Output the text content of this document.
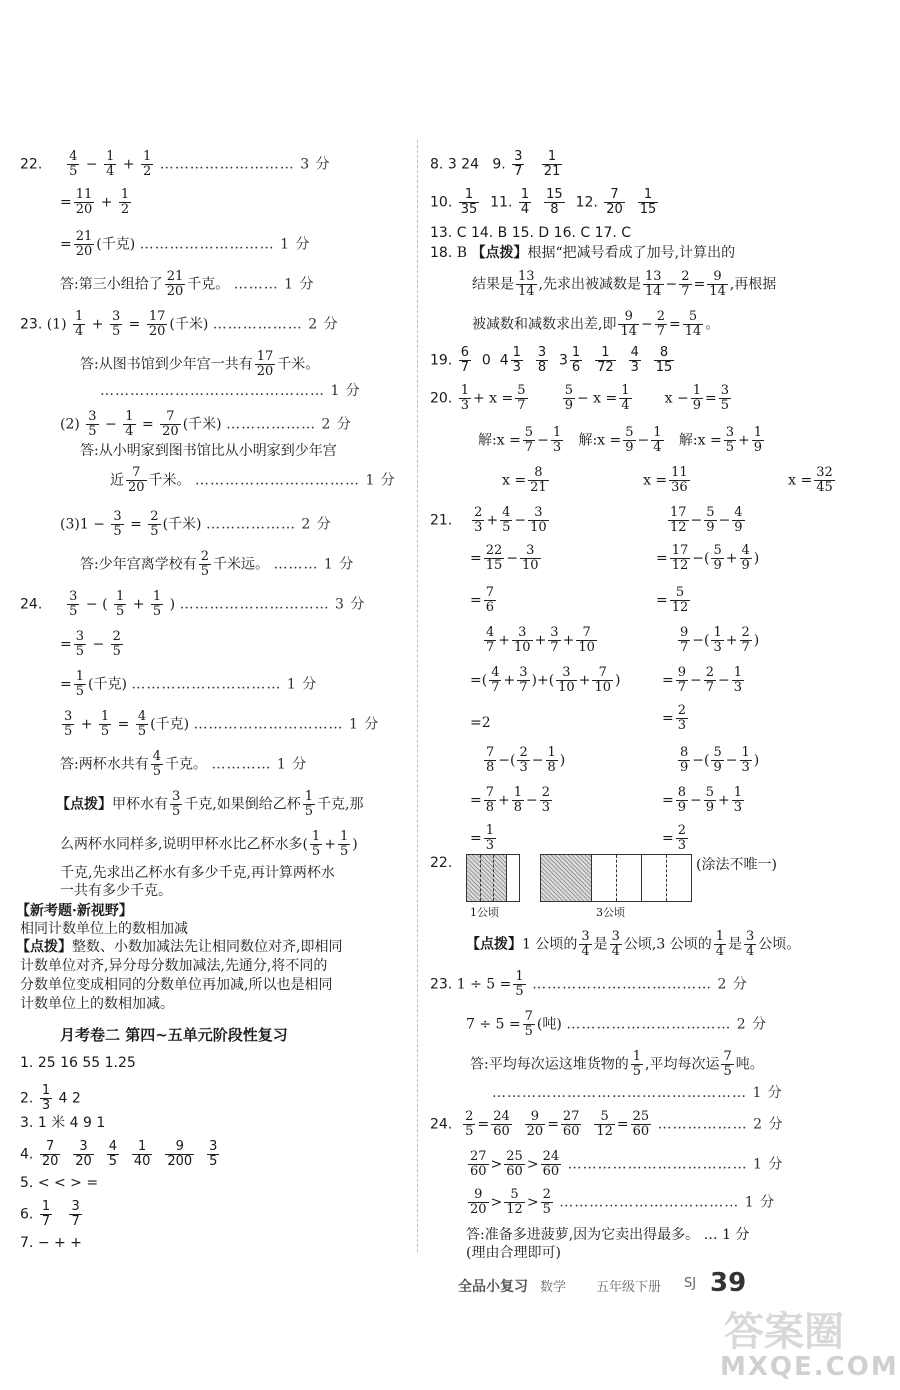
22. $\frac{4}{5} - \frac{1}{4} + \frac{1}{2}$ ……………………… 3 分
= $\frac{11}{20} + \frac{1}{2}$
= $\frac{21}{20}$ (千克) ……………………… 1 分
答:第三小组拾了 $\frac{21}{20}$ 千克。 ……… 1 分
23. $(1) \frac{1}{4} + \frac{3}{5} = \frac{17}{20}$ (千米) ……………… 2 分
答:从图书馆到少年宫一共有 $\frac{17}{20}$ 千米。
……………………………………… 1 分
$(2) \frac{3}{5} - \frac{1}{4} = \frac{7}{20}$ (千米) ……………… 2 分
答:从小明家到图书馆比从小明家到少年宫
近 $\frac{7}{20}$ 千米。 …………………………… 1 分
$(3)1 - \frac{3}{5} = \frac{2}{5}$ (千米) ……………… 2 分
答:少年宫离学校有 $\frac{2}{5}$ 千米远。 ……… 1 分
24. $\frac{3}{5}$ − ( $\frac{1}{5} + \frac{1}{5}$ ) ………………………… 3 分
= $\frac{3}{5} - \frac{2}{5}$
= $\frac{1}{5}$ (千克) ………………………… 1 分
$\frac{3}{5} + \frac{1}{5} = \frac{4}{5}$ (千克) ………………………… 1 分
答:两杯水共有 $\frac{4}{5}$ 千克。 ………… 1 分
【点拨】甲杯水有 $\frac{3}{5}$ 千克,如果倒给乙杯 $\frac{1}{5}$ 千克,那
么两杯水同样多,说明甲杯水比乙杯水多( $\frac{1}{5} + \frac{1}{5}$ )
千克,先求出乙杯水有多少千克,再计算两杯水
一共有多少千克。
【新考题·新视野】
相同计数单位上的数相加减
【点拨】整数、小数加减法先让相同数位对齐,即相同
计数单位对齐,异分母分数加减法,先通分,将不同的
分数单位变成相同的分数单位再加减,所以也是相同
计数单位上的数相加减。
月考卷二 第四~五单元阶段性复习
1. 25 16 55 1.25
2. $\frac{1}{3} 4$ 2
3. 1 米 4 9 1
4. $\frac{7}{20}$
$\frac{3}{20}$
$\frac{4}{5}$
$\frac{1}{40}$
$\frac{9}{200}$
$\frac{3}{5}$
5. < < > =
6. $\frac{1}{7}$
$\frac{3}{7}$
7. − + +
8. 3 24 9. $\frac{3}{7}$
$\frac{1}{21}$
10. $\frac{1}{35} 11$. $\frac{1}{4}$
$\frac{15}{8} 12$. $\frac{7}{20}$
$\frac{1}{15}$
13. C 14. B 15. D 16. C 17. C
18. B 【点拨】根据“把减号看成了加号,计算出的
结果是 $\frac{13}{14}$ ,先求出被减数是 $\frac{13}{14} - \frac{2}{7} = \frac{9}{14}$ ,再根据
被减数和减数求出差,即 $\frac{9}{14} - \frac{2}{7} = \frac{5}{14}$ 。
19. $\frac{6}{7} 0$  $4 \frac{1}{3}$
$\frac{3}{8} 3 \frac{1}{6}$
$\frac{1}{72}$
$\frac{4}{3}$
$\frac{8}{15}$
20. $\frac{1}{3} + x = \frac{5}{7}$
	$\frac{5}{9} - x = \frac{1}{4}$ $x - \frac{1}{9} = \frac{3}{5}$
解:x = $\frac{5}{7} - \frac{1}{3}$ 解:x = $\frac{5}{9} - \frac{1}{4}$ 解:x = $\frac{3}{5} + \frac{1}{9}$
$x = \frac{8}{21}$	$x = \frac{11}{36}$	$x = \frac{32}{45}$
21. $\frac{2}{3} + \frac{4}{5} - \frac{3}{10}$	$\frac{17}{12} - \frac{5}{9} - \frac{4}{9}$
= $\frac{22}{15} - \frac{3}{10}$	= $\frac{17}{12}$ −( $\frac{5}{9} + \frac{4}{9}$ )
= $\frac{7}{6}$	= $\frac{5}{12}$
$\frac{4}{7} + \frac{3}{10} + \frac{3}{7} + \frac{7}{10}$	$\frac{9}{7}$ −( $\frac{1}{3} + \frac{2}{7}$ )
=( $\frac{4}{7} + \frac{3}{7}$ )+( $\frac{3}{10} + \frac{7}{10}$ )	= $\frac{9}{7} - \frac{2}{7} - \frac{1}{3}$
=2	= $\frac{2}{3}$
$\frac{7}{8}$ −( $\frac{2}{3} - \frac{1}{8}$ )	$\frac{8}{9}$ −( $\frac{5}{9} - \frac{1}{3}$ )
= $\frac{7}{8} + \frac{1}{8} - \frac{2}{3}$	= $\frac{8}{9} - \frac{5}{9} + \frac{1}{3}$
= $\frac{1}{3}$	= $\frac{2}{3}$
22.	(涂法不唯一)
1公顷	3公顷
【点拨】1 公顷的 $\frac{3}{4}$ 是 $\frac{3}{4}$ 公顷,3 公顷的 $\frac{1}{4}$ 是 $\frac{3}{4}$ 公顷。
23. $1 \div 5 = \frac{1}{5}$ ……………………………… 2 分
$7 \div 5 = \frac{7}{5}$ (吨) …………………………… 2 分
答:平均每次运这堆货物的 $\frac{1}{5}$ ,平均每次运 $\frac{7}{5}$ 吨。
…………………………………………… 1 分
24. $\frac{2}{5} = \frac{24}{60}$
$\frac{9}{20} = \frac{27}{60}$
$\frac{5}{12} = \frac{25}{60}$ ……………… 2 分
$\frac{27}{60} > \frac{25}{60} > \frac{24}{60}$ ……………………………… 1 分
$\frac{9}{20} > \frac{5}{12} > \frac{2}{5}$ ……………………………… 1 分
答:准备多进菠萝,因为它卖出得最多。 … 1 分
(理由合理即可)
全品小复习 数学 五年级下册 SJ 39
答案圈
MXQE.COM
